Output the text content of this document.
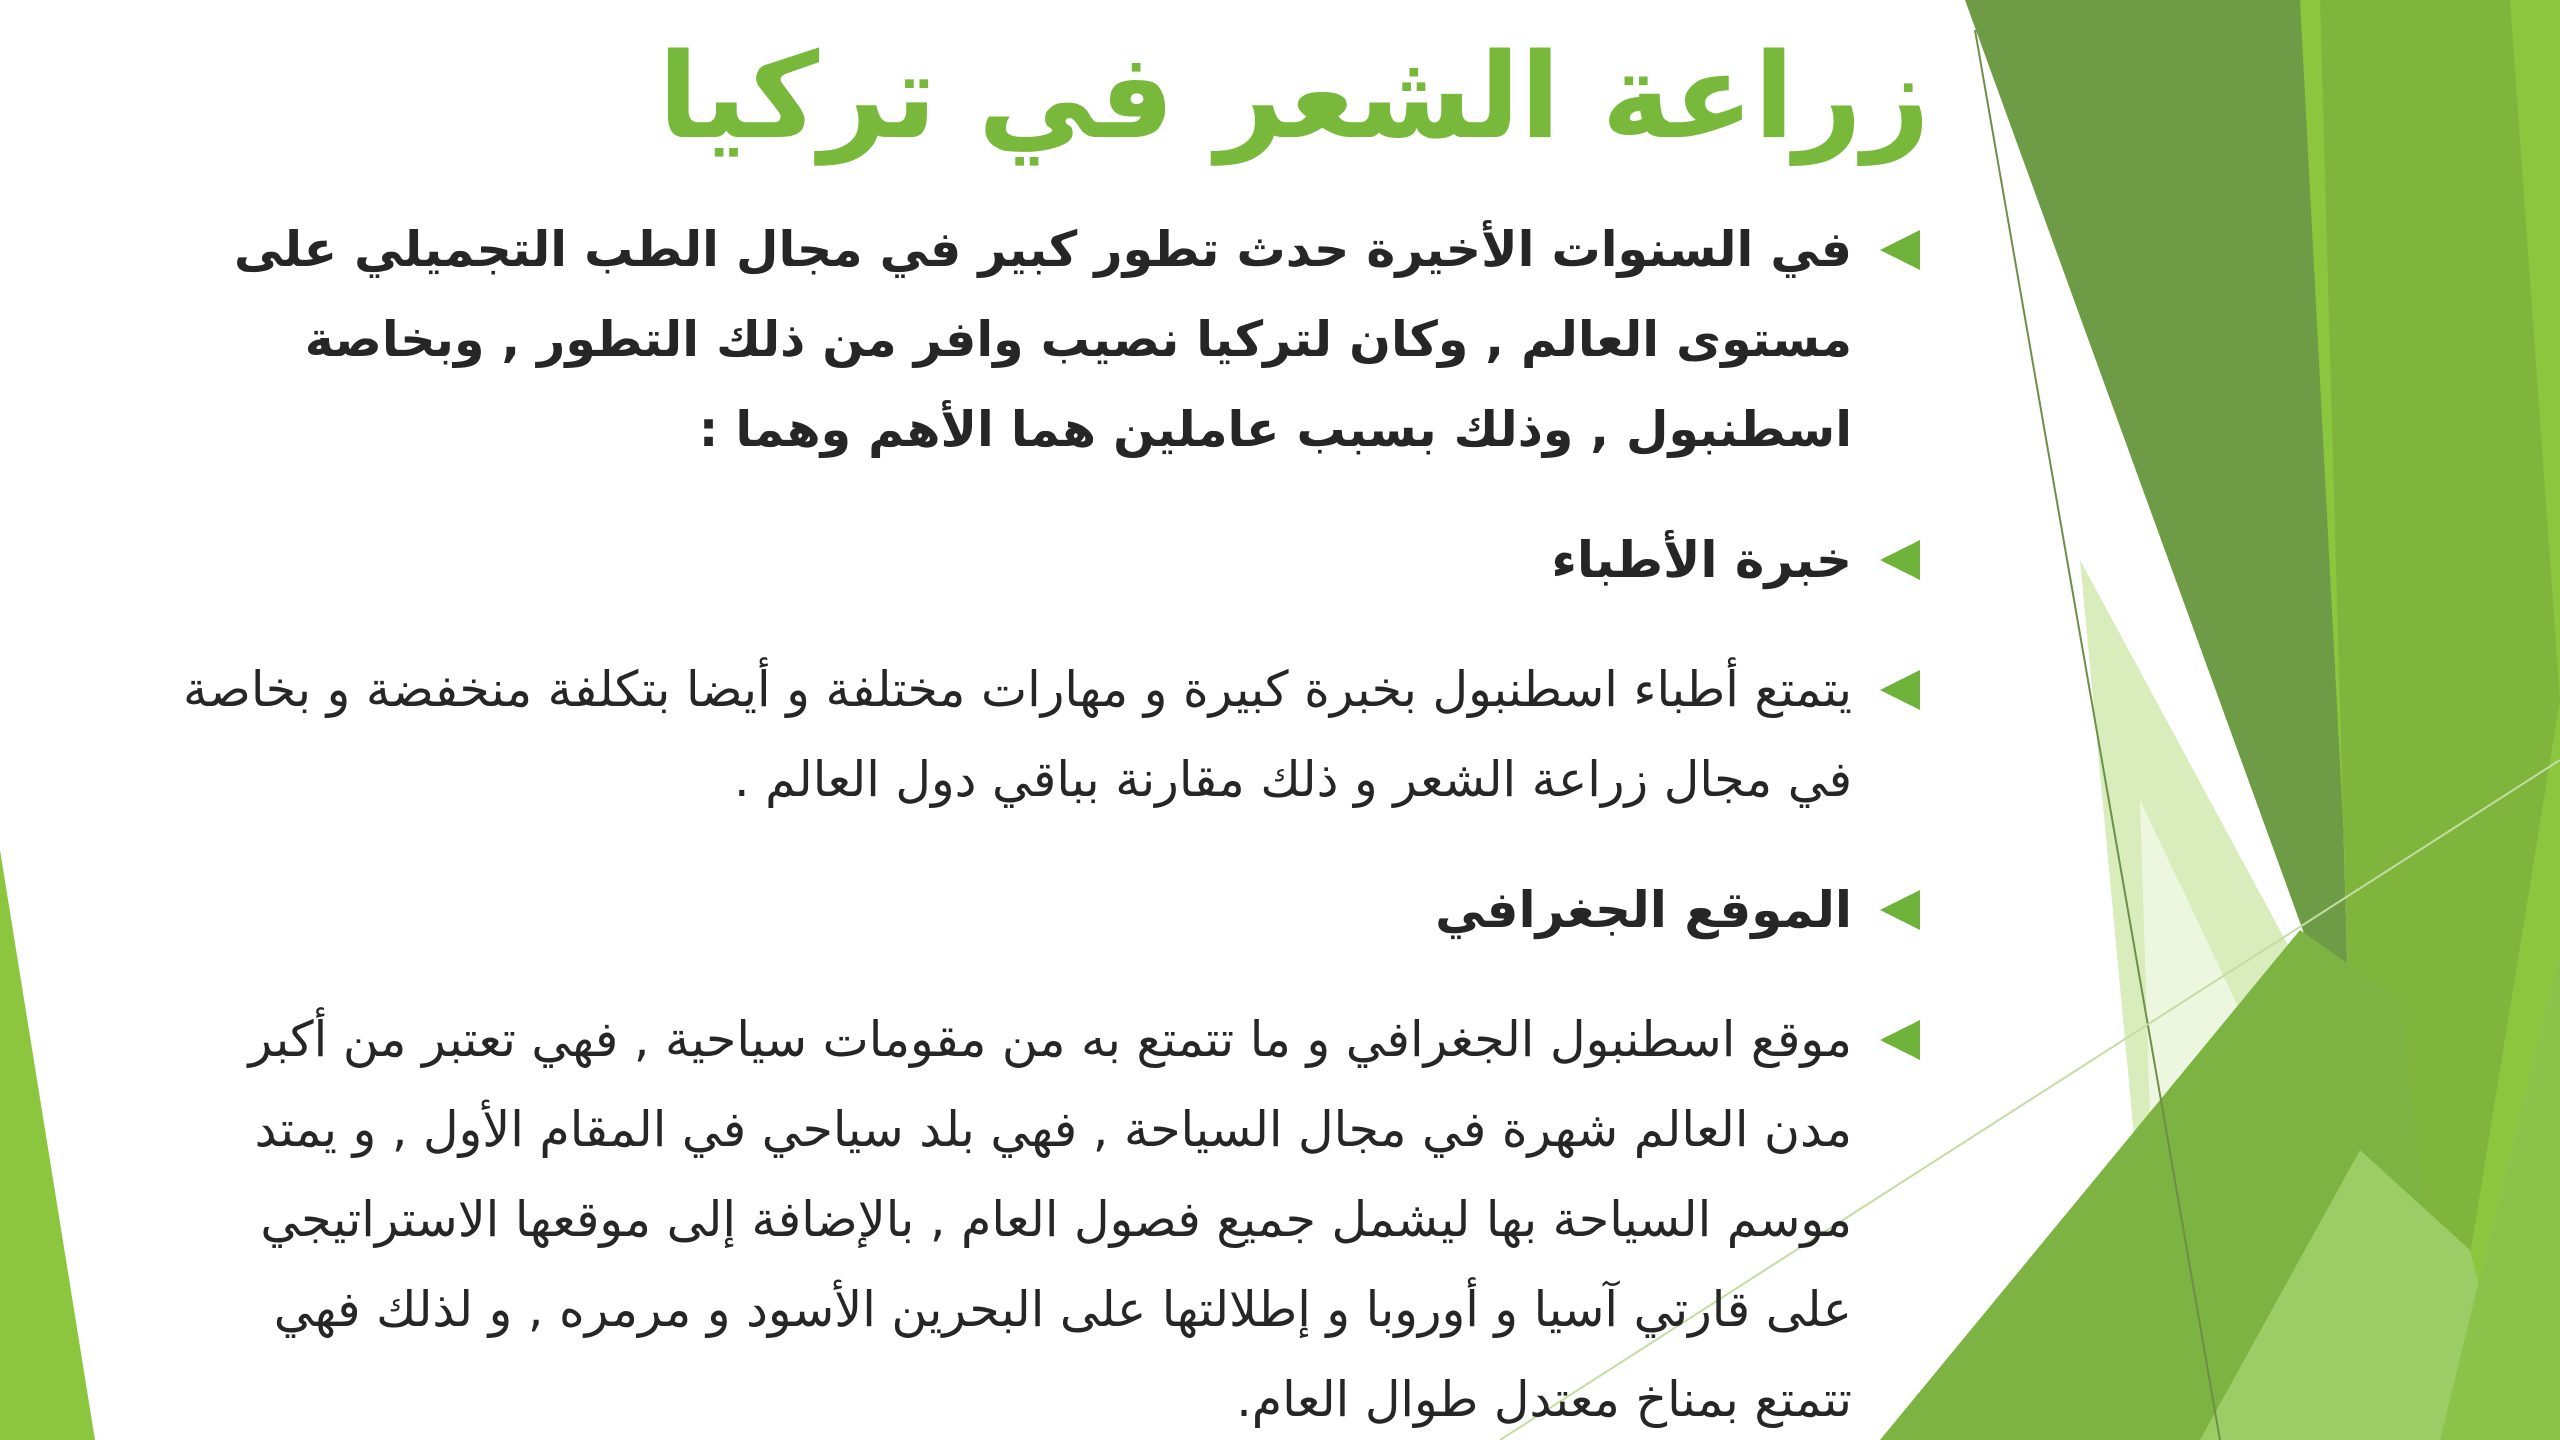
زراعة الشعر في تركيا
في السنوات الأخيرة حدث تطور كبير في مجال الطب التجميلي على مستوى العالم , وكان لتركيا نصيب وافر من ذلك التطور , وبخاصة اسطنبول , وذلك بسبب عاملين هما الأهم وهما :
خبرة الأطباء
يتمتع أطباء اسطنبول بخبرة كبيرة و مهارات مختلفة و أيضا بتكلفة منخفضة و بخاصة في مجال زراعة الشعر و ذلك مقارنة بباقي دول العالم .
الموقع الجغرافي
موقع اسطنبول الجغرافي و ما تتمتع به من مقومات سياحية , فهي تعتبر من أكبر مدن العالم شهرة في مجال السياحة , فهي بلد سياحي في المقام الأول , و يمتد موسم السياحة بها ليشمل جميع فصول العام , بالإضافة إلى موقعها الاستراتيجي على قارتي آسيا و أوروبا و إطلالتها على البحرين الأسود و مرمره , و لذلك فهي تتمتع بمناخ معتدل طوال العام.
